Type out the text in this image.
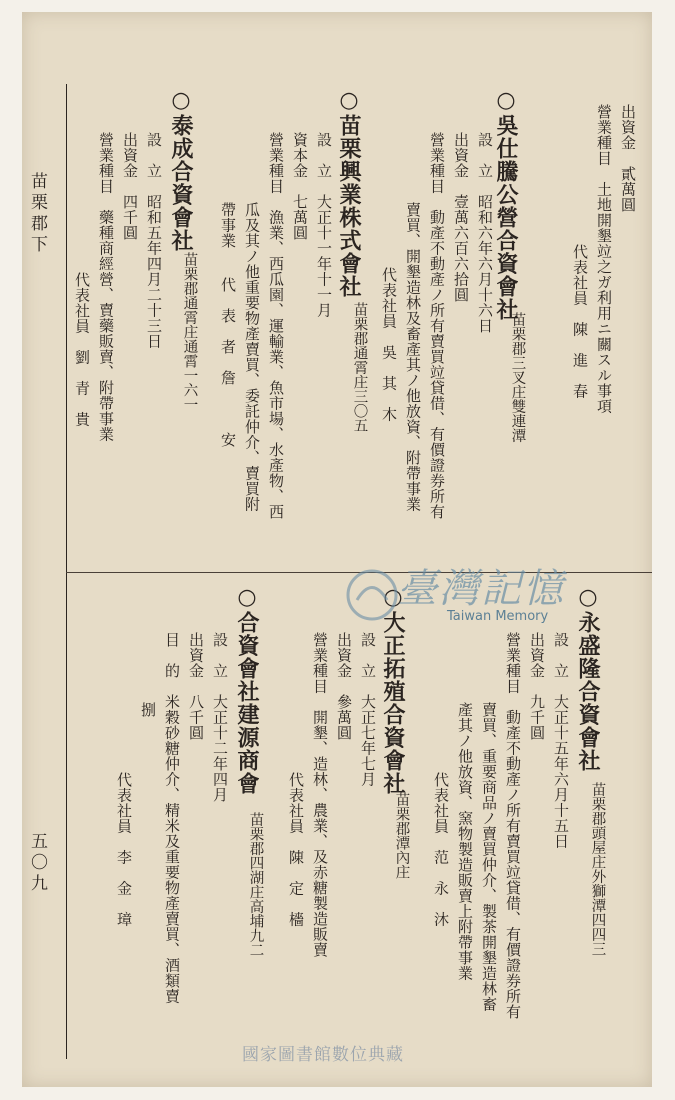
苗栗郡下
五〇九
出資金　貳萬圓
營業種目　土地開墾竝之ガ利用ニ關スル事項
代表社員　陳　進　春
○吳仕騰公營合資會社
苗栗郡三叉庄雙連潭
設　立　昭和六年六月十六日
出資金　壹萬六百六拾圓
營業種目　動產不動產ノ所有賣買竝貸借、有價證券所有
賣買、開墾造林及畜產其ノ他放資、附帶事業
代表社員　吳　其　木
○苗栗興業株式會社
苗栗郡通霄庄三〇五
設　立　大正十一年十一月
資本金　七萬圓
營業種目　漁業、西瓜園、運輸業、魚市場、水產物、西
瓜及其ノ他重要物產賣買、委託仲介、賣買附
帶事業
代　表　者　詹　　　安
○泰成合資會社
苗栗郡通霄庄通霄一六一
設　立　昭和五年四月二十三日
出資金　四千圓
營業種目　藥種商經營、賣藥販賣、附帶事業
代表社員　劉　青　貴
○永盛隆合資會社
苗栗郡頭屋庄外獅潭四四三
設　立　大正十五年六月十五日
出資金　九千圓
營業種目　動產不動產ノ所有賣買竝貸借、有價證券所有
賣買、重要商品ノ賣買仲介、製茶開墾造林畜
產其ノ他放資、窯物製造販賣上附帶事業
代表社員　范　永　沐
○大正拓殖合資會社
苗栗郡潭內庄
設　立　大正七年七月
出資金　參萬圓
營業種目　開墾、造林、農業、及赤糖製造販賣
代表社員　陳　定　檣
○合資會社建源商會
苗栗郡四湖庄高埔九二
設　立　大正十二年四月
出資金　八千圓
目　的　米穀砂糖仲介、精米及重要物產賣買、酒類賣
捌
代表社員　李　金　璋
臺灣記憶
Taiwan Memory
國家圖書館數位典藏
